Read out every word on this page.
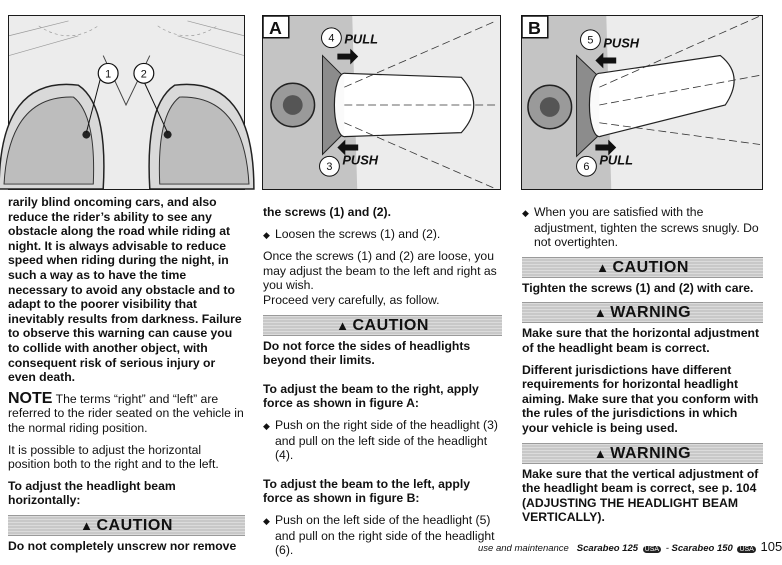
1	2
A
4 PULL
3 PUSH
B
5 PUSH
6 PULL

rarily blind oncoming cars, and also reduce the rider’s ability to see any obstacle along the road while riding at night. It is always advisable to reduce speed when riding during the night, in such a way as to have the time necessary to avoid any obstacle and to adapt to the poorer visibility that inevitably results from darkness. Failure to observe this warning can cause you to collide with another object, with consequent risk of serious injury or even death.

NOTE The terms “right” and “left” are referred to the rider seated on the vehicle in the normal riding position.

It is possible to adjust the horizontal position both to the right and to the left.

To adjust the headlight beam horizontally:

▲ CAUTION

Do not completely unscrew nor remove

the screws (1) and (2).

◆ Loosen the screws (1) and (2).

Once the screws (1) and (2) are loose, you may adjust the beam to the left and right as you wish.

Proceed very carefully, as follow.

▲ CAUTION

Do not force the sides of headlights beyond their limits.

To adjust the beam to the right, apply force as shown in figure A:

◆ Push on the right side of the headlight (3) and pull on the left side of the headlight (4).

To adjust the beam to the left, apply force as shown in figure B:

◆ Push on the left side of the headlight (5) and pull on the right side of the headlight (6).

◆ When you are satisfied with the adjustment, tighten the screws snugly. Do not overtighten.

▲ CAUTION

Tighten the screws (1) and (2) with care.

▲ WARNING

Make sure that the horizontal adjustment of the headlight beam is correct.

Different jurisdictions have different requirements for horizontal headlight aiming. Make sure that you conform with the rules of the jurisdictions in which your vehicle is being used.

▲ WARNING

Make sure that the vertical adjustment of the headlight beam is correct, see p. 104 (ADJUSTING THE HEADLIGHT BEAM VERTICALLY).

use and maintenance Scarabeo 125 USA - Scarabeo 150 USA 105
